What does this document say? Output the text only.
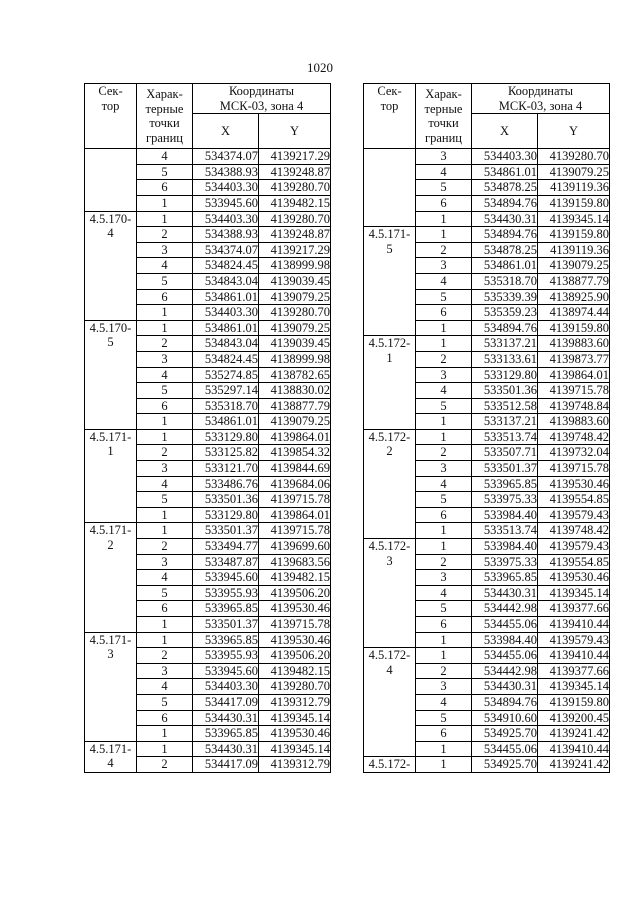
1020
Сек-
тор	Харак-
терные
точки
границ	Координаты
МСК-03, зона 4	
		X	Y
	4	534374.07	4139217.29
	5	534388.93	4139248.87
	6	534403.30	4139280.70
	1	533945.60	4139482.15
4.5.170-
4	1	534403.30	4139280.70
	2	534388.93	4139248.87
	3	534374.07	4139217.29
	4	534824.45	4138999.98
	5	534843.04	4139039.45
	6	534861.01	4139079.25
	1	534403.30	4139280.70
4.5.170-
5	1	534861.01	4139079.25
	2	534843.04	4139039.45
	3	534824.45	4138999.98
	4	535274.85	4138782.65
	5	535297.14	4138830.02
	6	535318.70	4138877.79
	1	534861.01	4139079.25
4.5.171-
1	1	533129.80	4139864.01
	2	533125.82	4139854.32
	3	533121.70	4139844.69
	4	533486.76	4139684.06
	5	533501.36	4139715.78
	1	533129.80	4139864.01
4.5.171-
2	1	533501.37	4139715.78
	2	533494.77	4139699.60
	3	533487.87	4139683.56
	4	533945.60	4139482.15
	5	533955.93	4139506.20
	6	533965.85	4139530.46
	1	533501.37	4139715.78
4.5.171-
3	1	533965.85	4139530.46
	2	533955.93	4139506.20
	3	533945.60	4139482.15
	4	534403.30	4139280.70
	5	534417.09	4139312.79
	6	534430.31	4139345.14
	1	533965.85	4139530.46
4.5.171-
4	1	534430.31	4139345.14
	2	534417.09	4139312.79
Сек-
тор	Харак-
терные
точки
границ	Координаты
МСК-03, зона 4	
		X	Y
	3	534403.30	4139280.70
	4	534861.01	4139079.25
	5	534878.25	4139119.36
	6	534894.76	4139159.80
	1	534430.31	4139345.14
4.5.171-
5	1	534894.76	4139159.80
	2	534878.25	4139119.36
	3	534861.01	4139079.25
	4	535318.70	4138877.79
	5	535339.39	4138925.90
	6	535359.23	4138974.44
	1	534894.76	4139159.80
4.5.172-
1	1	533137.21	4139883.60
	2	533133.61	4139873.77
	3	533129.80	4139864.01
	4	533501.36	4139715.78
	5	533512.58	4139748.84
	1	533137.21	4139883.60
4.5.172-
2	1	533513.74	4139748.42
	2	533507.71	4139732.04
	3	533501.37	4139715.78
	4	533965.85	4139530.46
	5	533975.33	4139554.85
	6	533984.40	4139579.43
	1	533513.74	4139748.42
4.5.172-
3	1	533984.40	4139579.43
	2	533975.33	4139554.85
	3	533965.85	4139530.46
	4	534430.31	4139345.14
	5	534442.98	4139377.66
	6	534455.06	4139410.44
	1	533984.40	4139579.43
4.5.172-
4	1	534455.06	4139410.44
	2	534442.98	4139377.66
	3	534430.31	4139345.14
	4	534894.76	4139159.80
	5	534910.60	4139200.45
	6	534925.70	4139241.42
	1	534455.06	4139410.44
4.5.172-	1	534925.70	4139241.42
